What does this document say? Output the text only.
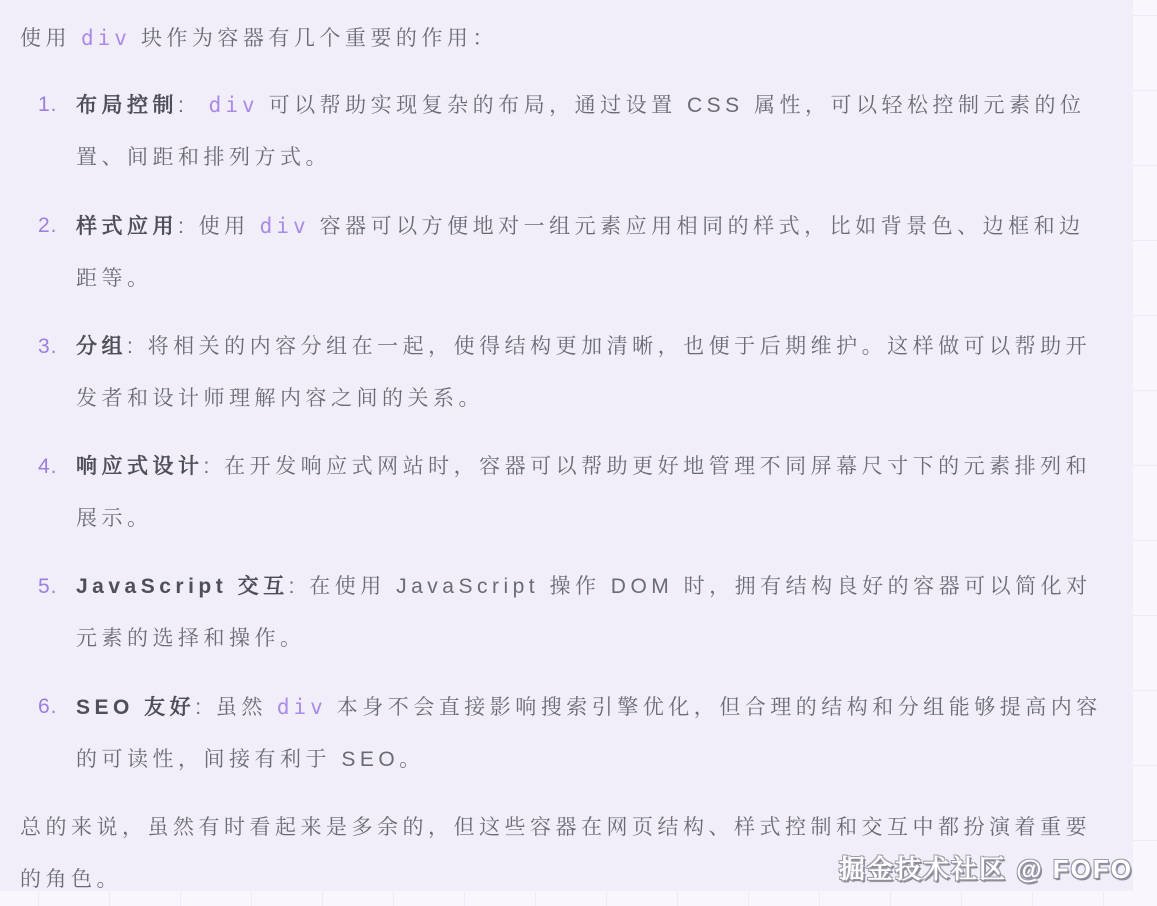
使用 div 块作为容器有几个重要的作用：

1. 布局控制: div 可以帮助实现复杂的布局，通过设置 CSS 属性，可以轻松控制元素的位置、间距和排列方式。
2. 样式应用: 使用 div 容器可以方便地对一组元素应用相同的样式，比如背景色、边框和边距等。
3. 分组: 将相关的内容分组在一起，使得结构更加清晰，也便于后期维护。这样做可以帮助开发者和设计师理解内容之间的关系。
4. 响应式设计: 在开发响应式网站时，容器可以帮助更好地管理不同屏幕尺寸下的元素排列和展示。
5. JavaScript 交互: 在使用 JavaScript 操作 DOM 时，拥有结构良好的容器可以简化对元素的选择和操作。
6. SEO 友好: 虽然 div 本身不会直接影响搜索引擎优化，但合理的结构和分组能够提高内容的可读性，间接有利于 SEO。

总的来说，虽然有时看起来是多余的，但这些容器在网页结构、样式控制和交互中都扮演着重要的角色。	掘金技术社区 @ FOFO
